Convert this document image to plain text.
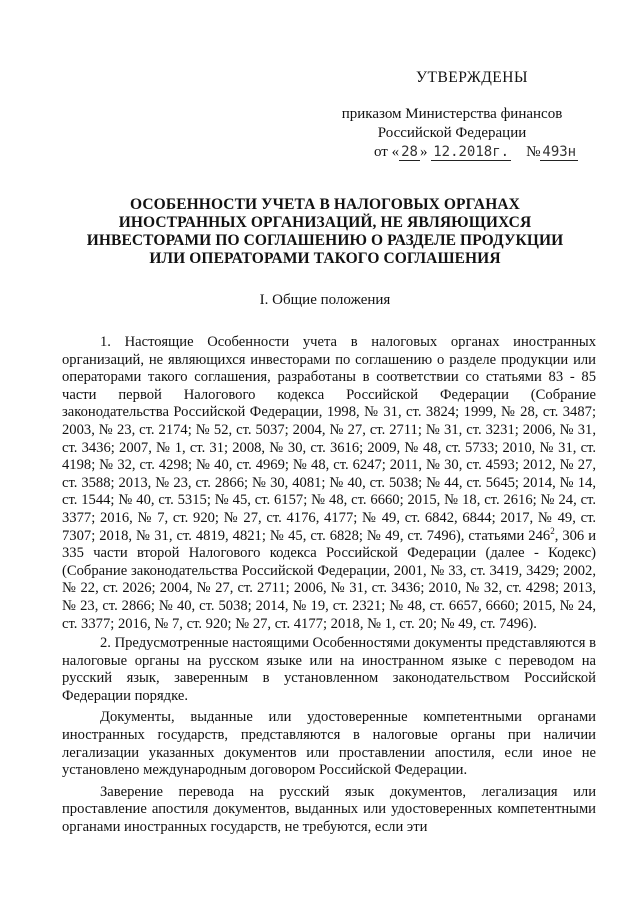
УТВЕРЖДЕНЫ
приказом Министерства финансов
Российской Федерации
от « 28 » 12.2018г. № 493н
ОСОБЕННОСТИ УЧЕТА В НАЛОГОВЫХ ОРГАНАХ
ИНОСТРАННЫХ ОРГАНИЗАЦИЙ, НЕ ЯВЛЯЮЩИХСЯ
ИНВЕСТОРАМИ ПО СОГЛАШЕНИЮ О РАЗДЕЛЕ ПРОДУКЦИИ
ИЛИ ОПЕРАТОРАМИ ТАКОГО СОГЛАШЕНИЯ
I. Общие положения

1. Настоящие Особенности учета в налоговых органах иностранных организаций, не являющихся инвесторами по соглашению о разделе продукции или операторами такого соглашения, разработаны в соответствии со статьями 83 - 85 части первой Налогового кодекса Российской Федерации (Собрание законодательства Российской Федерации, 1998, № 31, ст. 3824; 1999, № 28, ст. 3487; 2003, № 23, ст. 2174; № 52, ст. 5037; 2004, № 27, ст. 2711; № 31, ст. 3231; 2006, № 31, ст. 3436; 2007, № 1, ст. 31; 2008, № 30, ст. 3616; 2009, № 48, ст. 5733; 2010, № 31, ст. 4198; № 32, ст. 4298; № 40, ст. 4969; № 48, ст. 6247; 2011, № 30, ст. 4593; 2012, № 27, ст. 3588; 2013, № 23, ст. 2866; № 30, 4081; № 40, ст. 5038; № 44, ст. 5645; 2014, № 14, ст. 1544; № 40, ст. 5315; № 45, ст. 6157; № 48, ст. 6660; 2015, № 18, ст. 2616; № 24, ст. 3377; 2016, № 7, ст. 920; № 27, ст. 4176, 4177; № 49, ст. 6842, 6844; 2017, № 49, ст. 7307; 2018, № 31, ст. 4819, 4821; № 45, ст. 6828; № 49, ст. 7496), статьями $246^2$, 306 и 335 части второй Налогового кодекса Российской Федерации (далее - Кодекс) (Собрание законодательства Российской Федерации, 2001, № 33, ст. 3419, 3429; 2002, № 22, ст. 2026; 2004, № 27, ст. 2711; 2006, № 31, ст. 3436; 2010, № 32, ст. 4298; 2013, № 23, ст. 2866; № 40, ст. 5038; 2014, № 19, ст. 2321; № 48, ст. 6657, 6660; 2015, № 24, ст. 3377; 2016, № 7, ст. 920; № 27, ст. 4177; 2018, № 1, ст. 20; № 49, ст. 7496).

2. Предусмотренные настоящими Особенностями документы представляются в налоговые органы на русском языке или на иностранном языке с переводом на русский язык, заверенным в установленном законодательством Российской Федерации порядке.

Документы, выданные или удостоверенные компетентными органами иностранных государств, представляются в налоговые органы при наличии легализации указанных документов или проставлении апостиля, если иное не установлено международным договором Российской Федерации.

Заверение перевода на русский язык документов, легализация или проставление апостиля документов, выданных или удостоверенных компетентными органами иностранных государств, не требуются, если эти
